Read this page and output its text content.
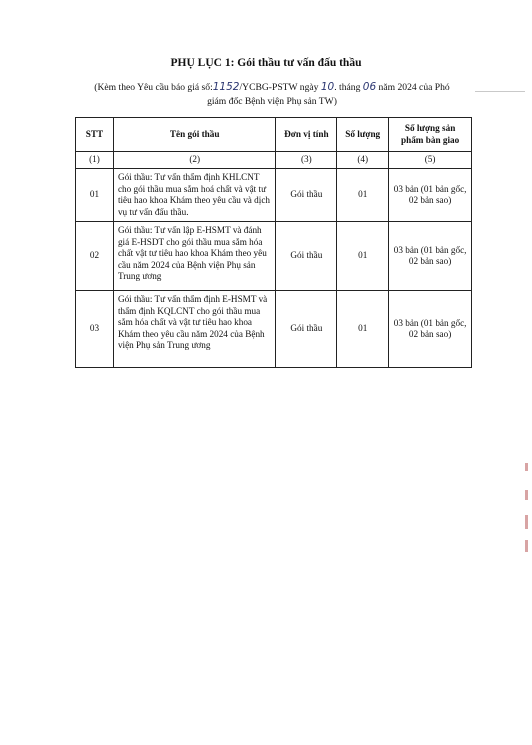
PHỤ LỤC 1: Gói thầu tư vấn đấu thầu
(Kèm theo Yêu cầu báo giá số:1152/YCBG-PSTW ngày 10. tháng 06 năm 2024 của Phó
giám đốc Bệnh viện Phụ sản TW)
STT	Tên gói thầu	Đơn vị tính	Số lượng	Số lượng sản phẩm bàn giao
(1)	(2)	(3)	(4)	(5)
01	Gói thầu: Tư vấn thẩm định KHLCNT cho gói thầu mua sắm hoá chất và vật tư tiêu hao khoa Khám theo yêu cầu và dịch vụ tư vấn đấu thầu.	Gói thầu	01	03 bản (01 bản gốc, 02 bản sao)
02	Gói thầu: Tư vấn lập E-HSMT và đánh giá E-HSDT cho gói thầu mua sắm hóa chất vật tư tiêu hao khoa Khám theo yêu cầu năm 2024 của Bệnh viện Phụ sản Trung ương	Gói thầu	01	03 bản (01 bản gốc, 02 bản sao)
03	Gói thầu: Tư vấn thẩm định E-HSMT và thẩm định KQLCNT cho gói thầu mua sắm hóa chất và vật tư tiêu hao khoa Khám theo yêu cầu năm 2024 của Bệnh viện Phụ sản Trung ương	Gói thầu	01	03 bản (01 bản gốc, 02 bản sao)
